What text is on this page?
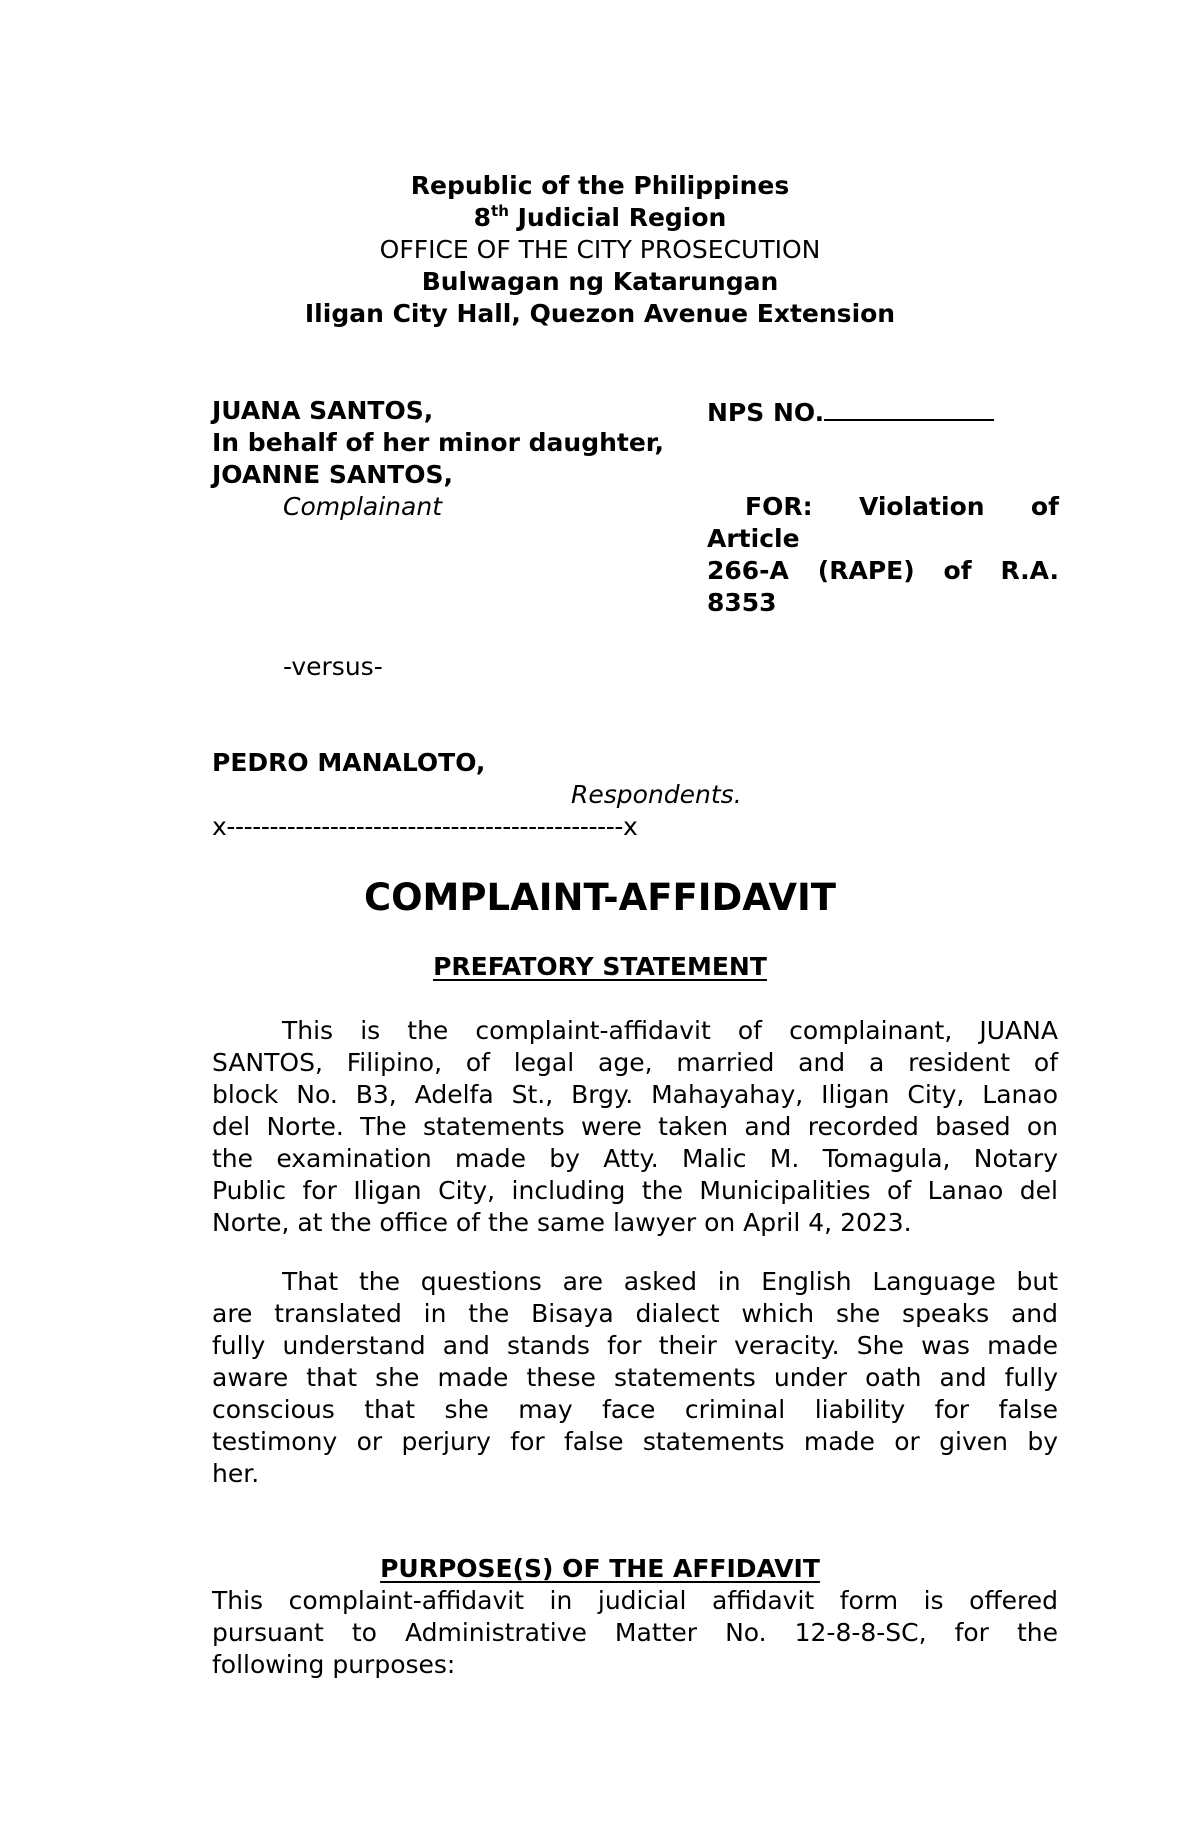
Republic of the Philippines
8th Judicial Region
OFFICE OF THE CITY PROSECUTION
Bulwagan ng Katarungan
Iligan City Hall, Quezon Avenue Extension
JUANA SANTOS,
In behalf of her minor daughter,
JOANNE SANTOS,
Complainant
NPS NO.
FOR: Violation of
Article
266-A (RAPE) of R.A.
8353
-versus-
PEDRO MANALOTO,
Respondents.
x----------------------------------------------x
COMPLAINT-AFFIDAVIT
PREFATORY STATEMENT
This is the complaint-affidavit of complainant, JUANA
SANTOS, Filipino, of legal age, married and a resident of
block No. B3, Adelfa St., Brgy. Mahayahay, Iligan City, Lanao
del Norte. The statements were taken and recorded based on
the examination made by Atty. Malic M. Tomagula, Notary
Public for Iligan City, including the Municipalities of Lanao del
Norte, at the office of the same lawyer on April 4, 2023.
That the questions are asked in English Language but
are translated in the Bisaya dialect which she speaks and
fully understand and stands for their veracity. She was made
aware that she made these statements under oath and fully
conscious that she may face criminal liability for false
testimony or perjury for false statements made or given by
her.
PURPOSE(S) OF THE AFFIDAVIT
This complaint-affidavit in judicial affidavit form is offered
pursuant to Administrative Matter No. 12-8-8-SC, for the
following purposes:
